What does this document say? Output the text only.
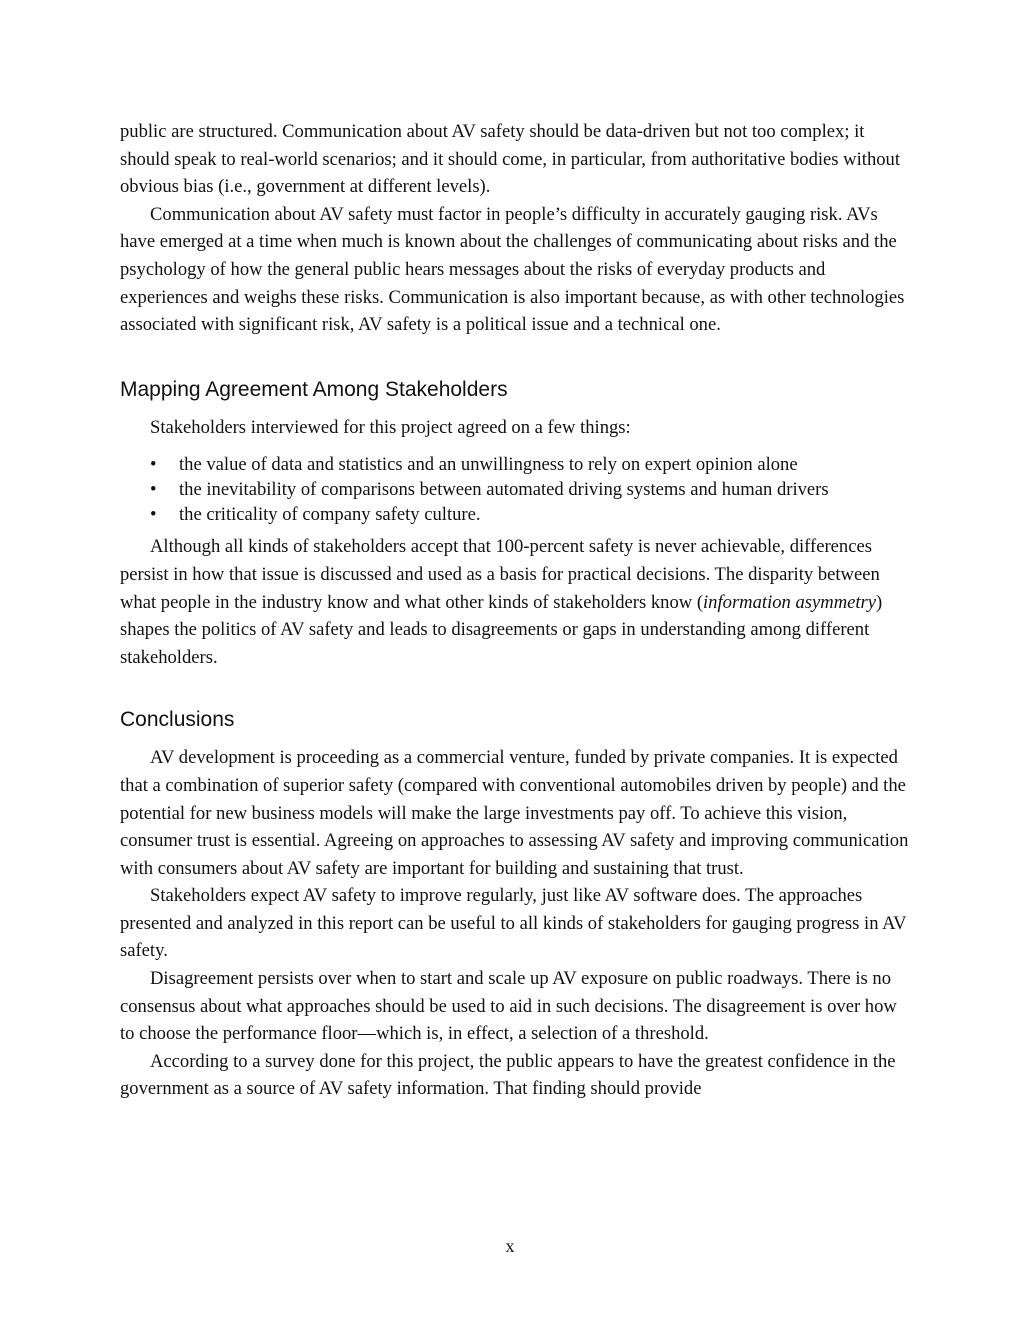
public are structured. Communication about AV safety should be data-driven but not too complex; it should speak to real-world scenarios; and it should come, in particular, from authoritative bodies without obvious bias (i.e., government at different levels).

Communication about AV safety must factor in people’s difficulty in accurately gauging risk. AVs have emerged at a time when much is known about the challenges of communicating about risks and the psychology of how the general public hears messages about the risks of everyday products and experiences and weighs these risks. Communication is also important because, as with other technologies associated with significant risk, AV safety is a political issue and a technical one.

Mapping Agreement Among Stakeholders

Stakeholders interviewed for this project agreed on a few things:

• the value of data and statistics and an unwillingness to rely on expert opinion alone
• the inevitability of comparisons between automated driving systems and human drivers
• the criticality of company safety culture.

Although all kinds of stakeholders accept that 100-percent safety is never achievable, differences persist in how that issue is discussed and used as a basis for practical decisions. The disparity between what people in the industry know and what other kinds of stakeholders know (information asymmetry) shapes the politics of AV safety and leads to disagreements or gaps in understanding among different stakeholders.

Conclusions

AV development is proceeding as a commercial venture, funded by private companies. It is expected that a combination of superior safety (compared with conventional automobiles driven by people) and the potential for new business models will make the large investments pay off. To achieve this vision, consumer trust is essential. Agreeing on approaches to assessing AV safety and improving communication with consumers about AV safety are important for building and sustaining that trust.

Stakeholders expect AV safety to improve regularly, just like AV software does. The approaches presented and analyzed in this report can be useful to all kinds of stakeholders for gauging progress in AV safety.

Disagreement persists over when to start and scale up AV exposure on public roadways. There is no consensus about what approaches should be used to aid in such decisions. The disagreement is over how to choose the performance floor—which is, in effect, a selection of a threshold.

According to a survey done for this project, the public appears to have the greatest confidence in the government as a source of AV safety information. That finding should provide

x
